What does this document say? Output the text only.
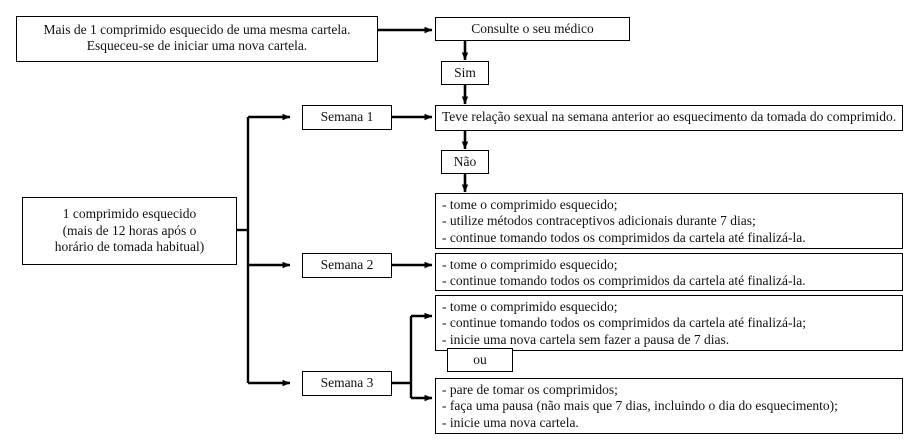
Mais de 1 comprimido esquecido de uma mesma cartela.
Esqueceu-se de iniciar uma nova cartela.
Consulte o seu médico
Sim
Não
1 comprimido esquecido
(mais de 12 horas após o
horário de tomada habitual)
Semana 1
Semana 2
Semana 3
Teve relação sexual na semana anterior ao esquecimento da tomada do comprimido.
- tome o comprimido esquecido;
- utilize métodos contraceptivos adicionais durante 7 dias;
- continue tomando todos os comprimidos da cartela até finalizá-la.
- tome o comprimido esquecido;
- continue tomando todos os comprimidos da cartela até finalizá-la.
- tome o comprimido esquecido;
- continue tomando todos os comprimidos da cartela até finalizá-la;
- inicie uma nova cartela sem fazer a pausa de 7 dias.
ou
- pare de tomar os comprimidos;
- faça uma pausa (não mais que 7 dias, incluindo o dia do esquecimento);
- inicie uma nova cartela.
